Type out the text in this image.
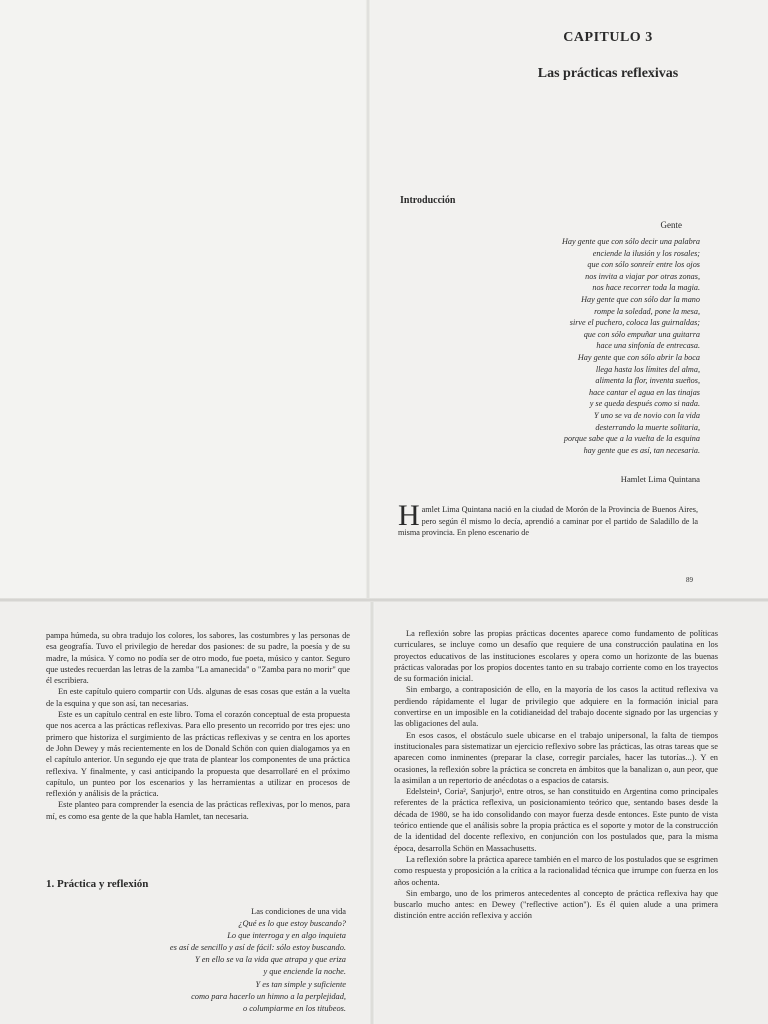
CAPITULO 3
Las prácticas reflexivas
Introducción
Gente
Hay gente que con sólo decir una palabra
enciende la ilusión y los rosales;
que con sólo sonreír entre los ojos
nos invita a viajar por otras zonas,
nos hace recorrer toda la magia.
Hay gente que con sólo dar la mano
rompe la soledad, pone la mesa,
sirve el puchero, coloca las guirnaldas;
que con sólo empuñar una guitarra
hace una sinfonía de entrecasa.
Hay gente que con sólo abrir la boca
llega hasta los límites del alma,
alimenta la flor, inventa sueños,
hace cantar el agua en las tinajas
y se queda después como si nada.
Y uno se va de novio con la vida
desterrando la muerte solitaria,
porque sabe que a la vuelta de la esquina
hay gente que es así, tan necesaria.
Hamlet Lima Quintana
Hamlet Lima Quintana nació en la ciudad de Morón de la Provincia de Buenos Aires, pero según él mismo lo decía, aprendió a caminar por el partido de Saladillo de la misma provincia. En pleno escenario de
89

pampa húmeda, su obra tradujo los colores, los sabores, las costumbres y las personas de esa geografía. Tuvo el privilegio de heredar dos pasiones: de su padre, la poesía y de su madre, la música. Y como no podía ser de otro modo, fue poeta, músico y cantor. Seguro que ustedes recuerdan las letras de la zamba "La amanecida" o "Zamba para no morir" que él escribiera.

En este capítulo quiero compartir con Uds. algunas de esas cosas que están a la vuelta de la esquina y que son así, tan necesarias.

Este es un capítulo central en este libro. Toma el corazón conceptual de esta propuesta que nos acerca a las prácticas reflexivas. Para ello presento un recorrido por tres ejes: uno primero que historiza el surgimiento de las prácticas reflexivas y se centra en los aportes de John Dewey y más recientemente en los de Donald Schön con quien dialogamos ya en el capítulo anterior. Un segundo eje que trata de plantear los componentes de una práctica reflexiva. Y finalmente, y casi anticipando la propuesta que desarrollaré en el próximo capítulo, un punteo por los escenarios y las herramientas a utilizar en procesos de reflexión y análisis de la práctica.

Este planteo para comprender la esencia de las prácticas reflexivas, por lo menos, para mí, es como esa gente de la que habla Hamlet, tan necesaria.

1. Práctica y reflexión
Las condiciones de una vida
¿Qué es lo que estoy buscando?
Lo que interroga y en algo inquieta
es así de sencillo y así de fácil: sólo estoy buscando.
Y en ello se va la vida que atrapa y que eriza
y que enciende la noche.
Y es tan simple y suficiente
como para hacerlo un himno a la perplejidad,
o columpiarme en los titubeos.

La reflexión sobre las propias prácticas docentes aparece como fundamento de políticas curriculares, se incluye como un desafío que requiere de una construcción paulatina en los proyectos educativos de las instituciones escolares y opera como un horizonte de las buenas prácticas valoradas por los propios docentes tanto en su trabajo corriente como en los trayectos de su formación inicial.

Sin embargo, a contraposición de ello, en la mayoría de los casos la actitud reflexiva va perdiendo rápidamente el lugar de privilegio que adquiere en la formación inicial para convertirse en un imposible en la cotidianeidad del trabajo docente signado por las urgencias y las obligaciones del aula.

En esos casos, el obstáculo suele ubicarse en el trabajo unipersonal, la falta de tiempos institucionales para sistematizar un ejercicio reflexivo sobre las prácticas, las otras tareas que se aparecen como inminentes (preparar la clase, corregir parciales, hacer las tutorías...). Y en ocasiones, la reflexión sobre la práctica se concreta en ámbitos que la banalizan o, aun peor, que la asimilan a un repertorio de anécdotas o a espacios de catarsis.

Edelstein¹, Coria², Sanjurjo³, entre otros, se han constituido en Argentina como principales referentes de la práctica reflexiva, un posicionamiento teórico que, sentando bases desde la década de 1980, se ha ido consolidando con mayor fuerza desde entonces. Este punto de vista teórico entiende que el análisis sobre la propia práctica es el soporte y motor de la construcción de la identidad del docente reflexivo, en conjunción con los postulados que, para la misma época, desarrolla Schön en Massachusetts.

La reflexión sobre la práctica aparece también en el marco de los postulados que se esgrimen como respuesta y proposición a la crítica a la racionalidad técnica que irrumpe con fuerza en los años ochenta.

Sin embargo, uno de los primeros antecedentes al concepto de práctica reflexiva hay que buscarlo mucho antes: en Dewey ("reflective action"). Es él quien alude a una primera distinción entre acción reflexiva y acción
